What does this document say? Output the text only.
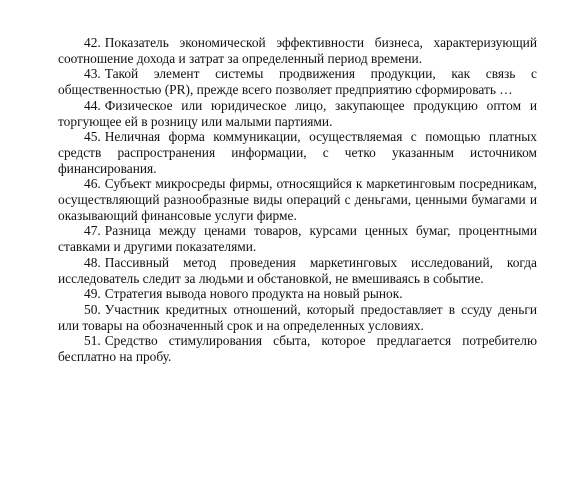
42. Показатель экономической эффективности бизнеса, характеризующий соотношение дохода и затрат за определенный период времени.

43. Такой элемент системы продвижения продукции, как связь с общественностью (PR), прежде всего позволяет предприятию сформировать …

44. Физическое или юридическое лицо, закупающее продукцию оптом и торгующее ей в розницу или малыми партиями.

45. Неличная форма коммуникации, осуществляемая с помощью платных средств распространения информации, с четко указанным источником финансирования.

46. Субъект микросреды фирмы, относящийся к маркетинговым посредникам, осуществляющий разнообразные виды операций с деньгами, ценными бумагами и оказывающий финансовые услуги фирме.

47. Разница между ценами товаров, курсами ценных бумаг, процентными ставками и другими показателями.

48. Пассивный метод проведения маркетинговых исследований, когда исследователь следит за людьми и обстановкой, не вмешиваясь в событие.

49. Стратегия вывода нового продукта на новый рынок.

50. Участник кредитных отношений, который предоставляет в ссуду деньги или товары на обозначенный срок и на определенных условиях.

51. Средство стимулирования сбыта, которое предлагается потребителю бесплатно на пробу.
